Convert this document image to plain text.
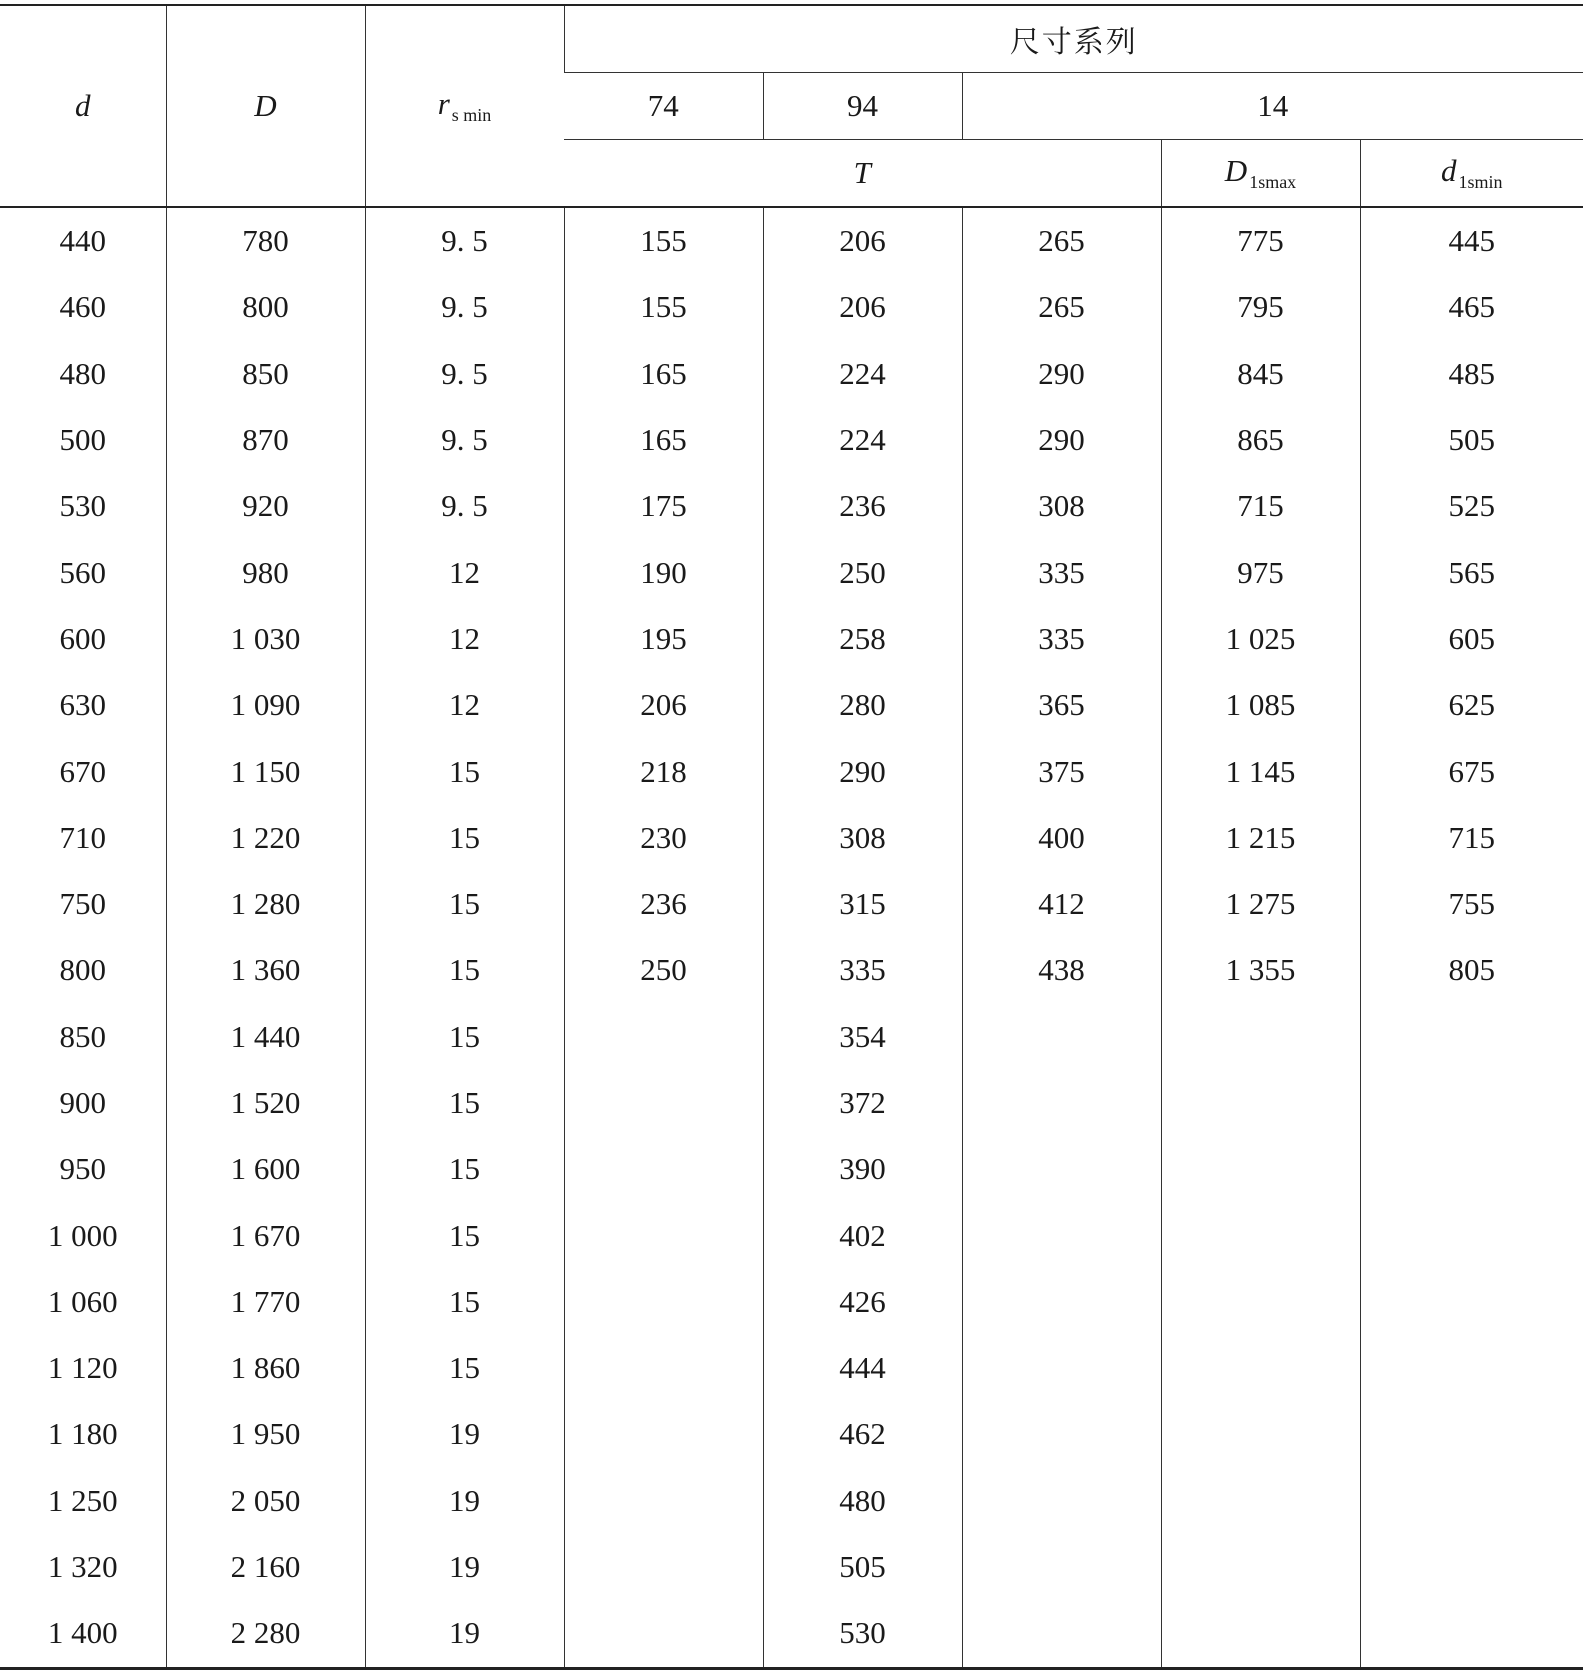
d	D	r $_{s min}$	尺寸系列				
			74	94	14		
			T			D $_{1smax}$	d $_{1smin}$
440	780	9. 5	155	206	265	775	445
460	800	9. 5	155	206	265	795	465
480	850	9. 5	165	224	290	845	485
500	870	9. 5	165	224	290	865	505
530	920	9. 5	175	236	308	715	525
560	980	12	190	250	335	975	565
600	1 030	12	195	258	335	1 025	605
630	1 090	12	206	280	365	1 085	625
670	1 150	15	218	290	375	1 145	675
710	1 220	15	230	308	400	1 215	715
750	1 280	15	236	315	412	1 275	755
800	1 360	15	250	335	438	1 355	805
850	1 440	15		354			
900	1 520	15		372			
950	1 600	15		390			
1 000	1 670	15		402			
1 060	1 770	15		426			
1 120	1 860	15		444			
1 180	1 950	19		462			
1 250	2 050	19		480			
1 320	2 160	19		505			
1 400	2 280	19		530			
